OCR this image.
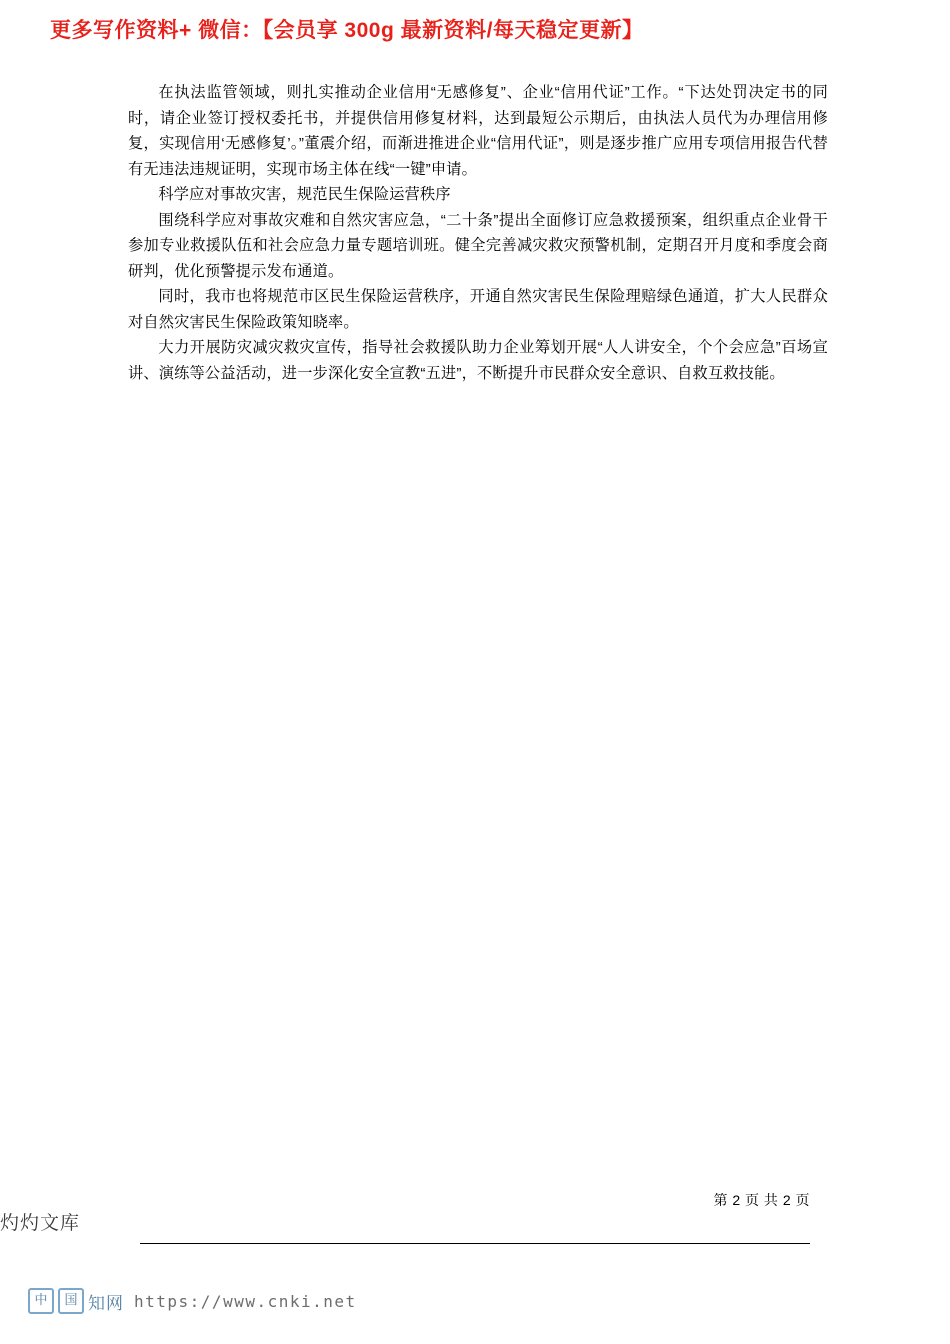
更多写作资料+ 微信：【会员享 300g 最新资料/每天稳定更新】

在执法监管领域，则扎实推动企业信用“无感修复”、企业“信用代证”工作。“下达处罚决定书的同时，请企业签订授权委托书，并提供信用修复材料，达到最短公示期后，由执法人员代为办理信用修复，实现信用‘无感修复’。”董震介绍，而渐进推进企业“信用代证”，则是逐步推广应用专项信用报告代替有无违法违规证明，实现市场主体在线“一键”申请。

科学应对事故灾害，规范民生保险运营秩序

围绕科学应对事故灾难和自然灾害应急，“二十条”提出全面修订应急救援预案，组织重点企业骨干参加专业救援队伍和社会应急力量专题培训班。健全完善减灾救灾预警机制，定期召开月度和季度会商研判，优化预警提示发布通道。

同时，我市也将规范市区民生保险运营秩序，开通自然灾害民生保险理赔绿色通道，扩大人民群众对自然灾害民生保险政策知晓率。

大力开展防灾减灾救灾宣传，指导社会救援队助力企业筹划开展“人人讲安全，个个会应急”百场宣讲、演练等公益活动，进一步深化安全宣教“五进”，不断提升市民群众安全意识、自救互救技能。

第 2 页 共 2 页
灼灼文库
中	国 知网 https://www.cnki.net
